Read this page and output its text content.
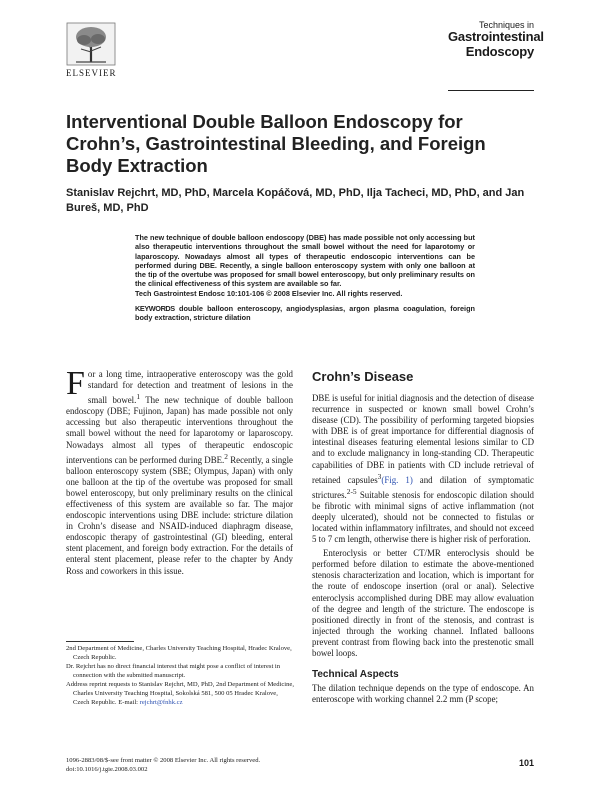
ELSEVIER
Techniques in
Gastrointestinal
Endoscopy
Interventional Double Balloon Endoscopy for Crohn’s, Gastrointestinal Bleeding, and Foreign Body Extraction

Stanislav Rejchrt, MD, PhD, Marcela Kopáčová, MD, PhD, Ilja Tacheci, MD, PhD, and Jan Bureš, MD, PhD

The new technique of double balloon endoscopy (DBE) has made possible not only accessing but also therapeutic interventions throughout the small bowel without the need for laparotomy or laparoscopy. Nowadays almost all types of therapeutic endoscopic interventions can be performed during DBE. Recently, a single balloon enteroscopy system with only one balloon at the tip of the overtube was proposed for small bowel enteroscopy, but only preliminary results on the clinical effectiveness of this system are available so far.

Tech Gastrointest Endosc 10:101-106 © 2008 Elsevier Inc. All rights reserved.

KEYWORDS double balloon enteroscopy, angiodysplasias, argon plasma coagulation, foreign body extraction, stricture dilation

For a long time, intraoperative enteroscopy was the gold standard for detection and treatment of lesions in the small bowel.$^1$ The new technique of double balloon endoscopy (DBE; Fujinon, Japan) has made possible not only accessing but also therapeutic interventions throughout the small bowel without the need for laparotomy or laparoscopy. Nowadays almost all types of therapeutic endoscopic interventions can be performed during DBE.$^2$ Recently, a single balloon enteroscopy system (SBE; Olympus, Japan) with only one balloon at the tip of the overtube was proposed for small bowel enteroscopy, but only preliminary results on the clinical effectiveness of this system are available so far. The major endoscopic interventions using DBE include: stricture dilation in Crohn’s disease and NSAID-induced diaphragm disease, endoscopic therapy of gastrointestinal (GI) bleeding, enteral stent placement, and foreign body extraction. For the details of enteral stent placement, please refer to the chapter by Andy Ross and coworkers in this issue.

Crohn’s Disease

DBE is useful for initial diagnosis and the detection of disease recurrence in suspected or known small bowel Crohn’s disease (CD). The possibility of performing targeted biopsies with DBE is of great importance for differential diagnosis of intestinal diseases featuring elemental lesions similar to CD and to exclude malignancy in long-standing CD. Therapeutic capabilities of DBE in patients with CD include retrieval of retained capsules$^3$(Fig. 1) and dilation of symptomatic strictures.$^{2-5}$ Suitable stenosis for endoscopic dilation should be fibrotic with minimal signs of active inflammation (not deeply ulcerated), should not be connected to fistulas or located within inflammatory infiltrates, and should not exceed 5 to 7 cm length, otherwise there is higher risk of perforation.

Enteroclysis or better CT/MR enteroclysis should be performed before dilation to estimate the above-mentioned stenosis characterization and location, which is important for the route of endoscope insertion (oral or anal). Selective enteroclysis accomplished during DBE may allow evaluation of the degree and length of the stricture. The endoscope is positioned directly in front of the stenosis, and contrast is injected through the working channel. Inflated balloons prevent contrast from flowing back into the prestenotic small bowel loops.

Technical Aspects

The dilation technique depends on the type of endoscope. An enteroscope with working channel 2.2 mm (P scope;

2nd Department of Medicine, Charles University Teaching Hospital, Hradec Kralove, Czech Republic.

Dr. Rejchrt has no direct financial interest that might pose a conflict of interest in connection with the submitted manuscript.

Address reprint requests to Stanislav Rejchrt, MD, PhD, 2nd Department of Medicine, Charles University Teaching Hospital, Sokolská 581, 500 05 Hradec Kralove, Czech Republic. E-mail: rejchrt@fnhk.cz

1096-2883/08/$-see front matter © 2008 Elsevier Inc. All rights reserved.

doi:10.1016/j.tgie.2008.03.002

101
